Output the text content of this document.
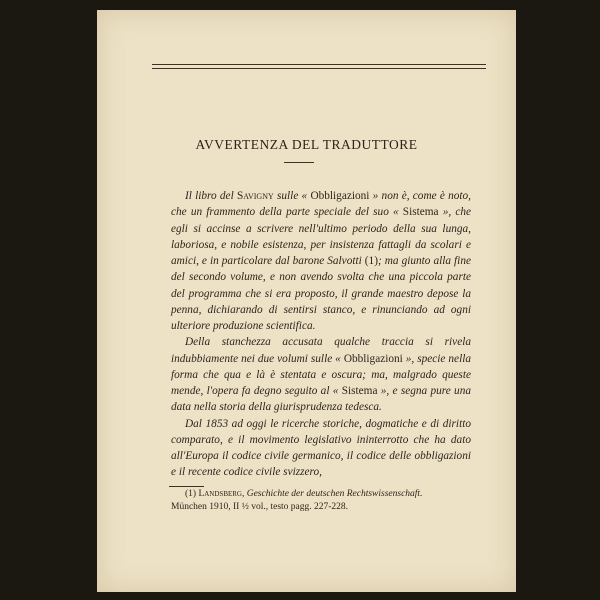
AVVERTENZA DEL TRADUTTORE

Il libro del Savigny sulle « Obbligazioni » non è, come è noto, che un frammento della parte speciale del suo « Sistema », che egli si accinse a scrivere nell'ultimo periodo della sua lunga, laboriosa, e nobile esistenza, per insistenza fattagli da scolari e amici, e in particolare dal barone Salvotti (1); ma giunto alla fine del secondo volume, e non avendo svolta che una piccola parte del programma che si era proposto, il grande maestro depose la penna, dichiarando di sentirsi stanco, e rinunciando ad ogni ulteriore produzione scientifica.

Della stanchezza accusata qualche traccia si rivela indubbiamente nei due volumi sulle « Obbligazioni », specie nella forma che qua e là è stentata e oscura; ma, malgrado queste mende, l'opera fa degno seguito al « Sistema », e segna pure una data nella storia della giurisprudenza tedesca.

Dal 1853 ad oggi le ricerche storiche, dogmatiche e di diritto comparato, e il movimento legislativo ininterrotto che ha dato all'Europa il codice civile germanico, il codice delle obbligazioni e il recente codice civile svizzero,

(1) Landsberg, Geschichte der deutschen Rechtswissenschaft.
München 1910, II ½ vol., testo pagg. 227-228.
